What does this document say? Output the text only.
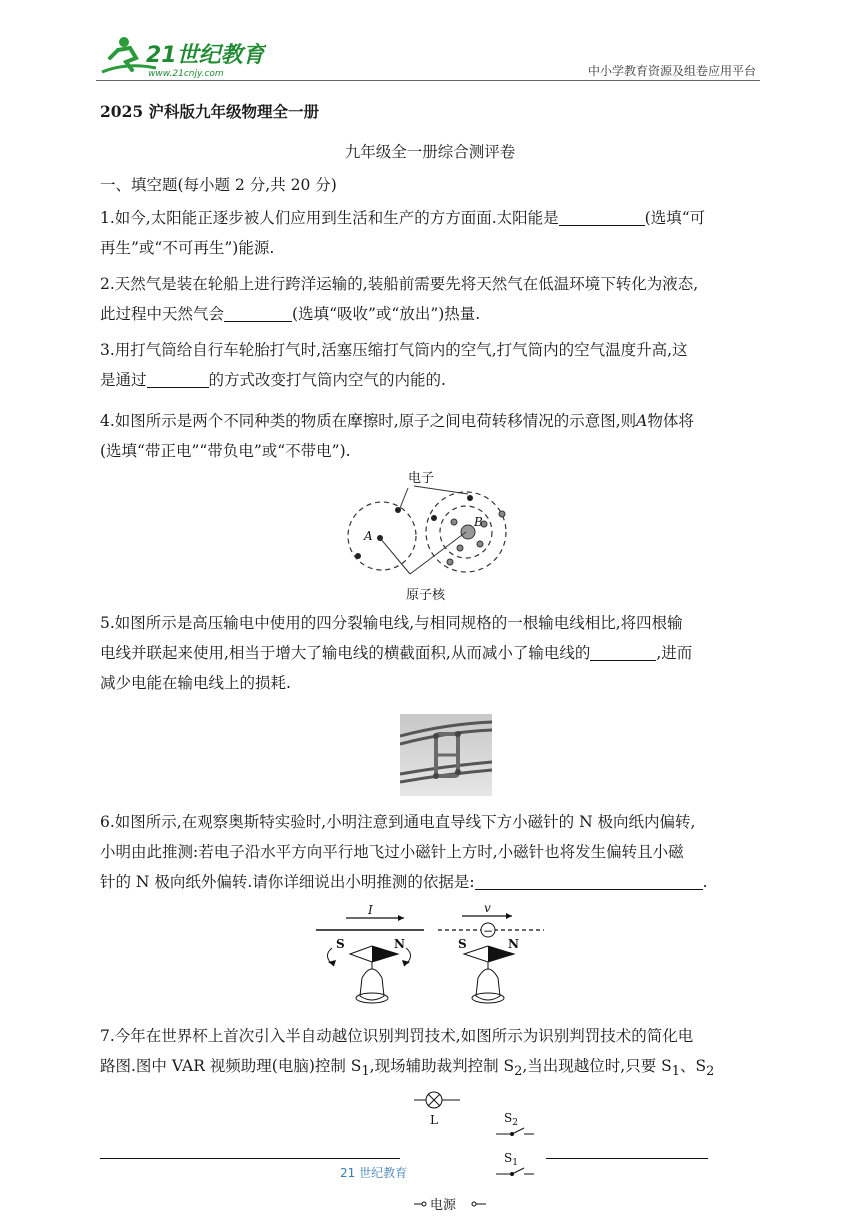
21世纪教育
www.21cnjy.com	中小学教育资源及组卷应用平台
2025 沪科版九年级物理全一册
九年级全一册综合测评卷
一、填空题(每小题 2 分,共 20 分)
1.如今,太阳能正逐步被人们应用到生活和生产的方方面面.太阳能是	(选填“可
再生”或“不可再生”)能源.
2.天然气是装在轮船上进行跨洋运输的,装船前需要先将天然气在低温环境下转化为液态,
此过程中天然气会	(选填“吸收”或“放出”)热量.
3.用打气筒给自行车轮胎打气时,活塞压缩打气筒内的空气,打气筒内的空气温度升高,这
是通过	的方式改变打气筒内空气的内能的.
4.如图所示是两个不同种类的物质在摩擦时,原子之间电荷转移情况的示意图,则A物体将
(选填“带正电”“带负电”或“不带电”).
电子
A
B
原子核
5.如图所示是高压输电中使用的四分裂输电线,与相同规格的一根输电线相比,将四根输
电线并联起来使用,相当于增大了输电线的横截面积,从而减小了输电线的	,进而
减少电能在输电线上的损耗.
6.如图所示,在观察奥斯特实验时,小明注意到通电直导线下方小磁针的 N 极向纸内偏转,
小明由此推测:若电子沿水平方向平行地飞过小磁针上方时,小磁针也将发生偏转且小磁
针的 N 极向纸外偏转.请你详细说出小明推测的依据是:	.
I
S	N
v
−
S	N
7.今年在世界杯上首次引入半自动越位识别判罚技术,如图所示为识别判罚技术的简化电
路图.图中 VAR 视频助理(电脑)控制 $S_1$,现场辅助裁判控制 $S_2$,当出现越位时,只要 $S_1$、$S_2$
L	$S_2$
$S_1$
电源
21 世纪教育
